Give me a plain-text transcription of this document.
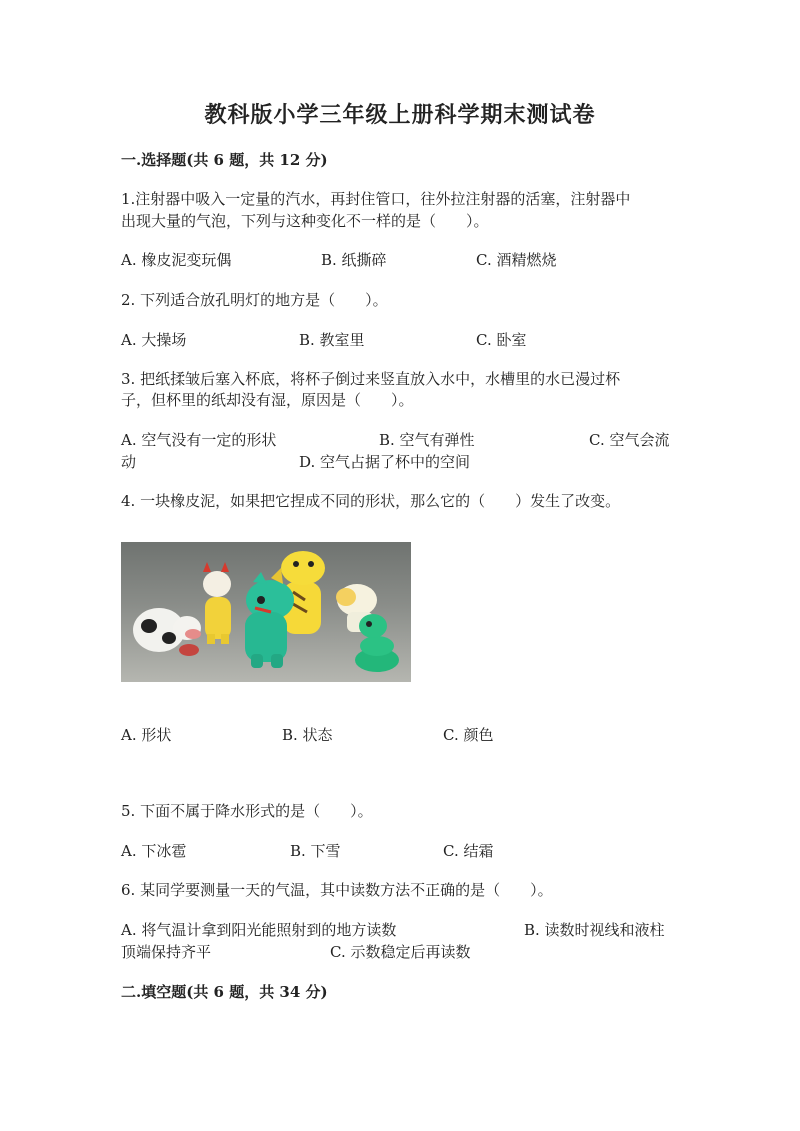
教科版小学三年级上册科学期末测试卷
一.选择题(共 6 题，共 12 分)
1.注射器中吸入一定量的汽水，再封住管口，往外拉注射器的活塞，注射器中
出现大量的气泡，下列与这种变化不一样的是（　　）。
A. 橡皮泥变玩偶	B. 纸撕碎	C. 酒精燃烧
2. 下列适合放孔明灯的地方是（　　）。
A. 大操场	B. 教室里	C. 卧室
3. 把纸揉皱后塞入杯底，将杯子倒过来竖直放入水中，水槽里的水已漫过杯
子，但杯里的纸却没有湿，原因是（　　）。
A. 空气没有一定的形状	B. 空气有弹性	C. 空气会流
动	D. 空气占据了杯中的空间
4. 一块橡皮泥，如果把它捏成不同的形状，那么它的（　　）发生了改变。
A. 形状	B. 状态	C. 颜色
5. 下面不属于降水形式的是（　　）。
A. 下冰雹	B. 下雪	C. 结霜
6. 某同学要测量一天的气温，其中读数方法不正确的是（　　）。
A. 将气温计拿到阳光能照射到的地方读数	B. 读数时视线和液柱
顶端保持齐平	C. 示数稳定后再读数
二.填空题(共 6 题，共 34 分)
